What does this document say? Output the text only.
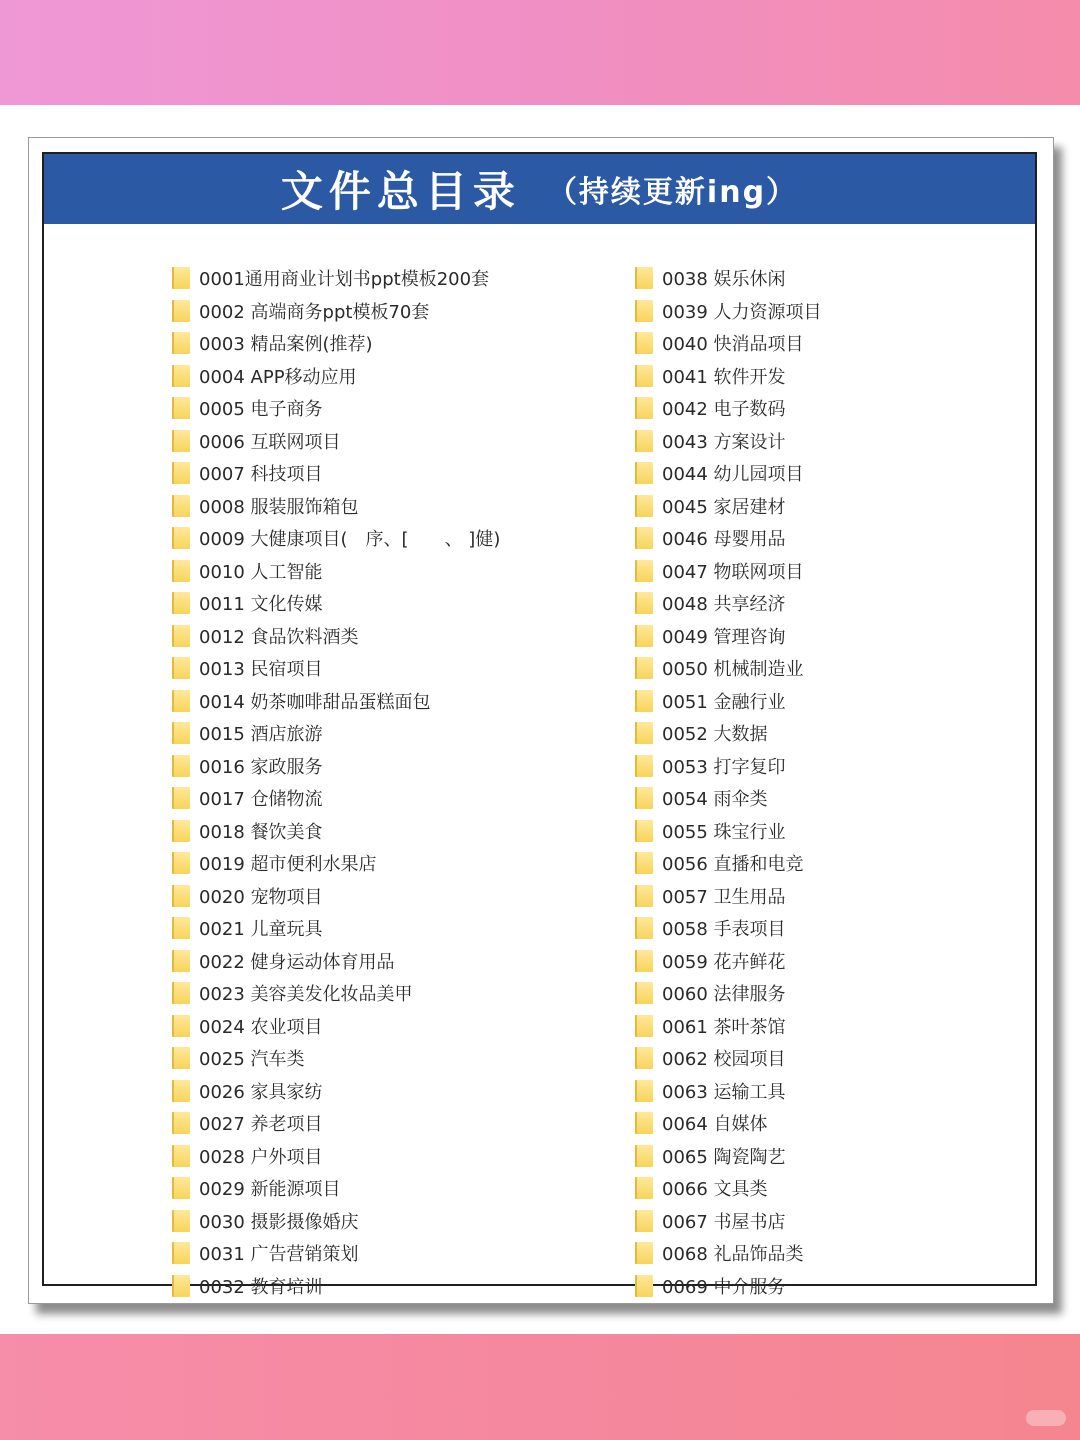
文件总目录 （持续更新ing）
0001通用商业计划书ppt模板200套
0002 高端商务ppt模板70套
0003 精品案例(推荐)
0004 APP移动应用
0005 电子商务
0006 互联网项目
0007 科技项目
0008 服装服饰箱包
0009 大健康项目(　序、[　　、 ]健)
0010 人工智能
0011 文化传媒
0012 食品饮料酒类
0013 民宿项目
0014 奶茶咖啡甜品蛋糕面包
0015 酒店旅游
0016 家政服务
0017 仓储物流
0018 餐饮美食
0019 超市便利水果店
0020 宠物项目
0021 儿童玩具
0022 健身运动体育用品
0023 美容美发化妆品美甲
0024 农业项目
0025 汽车类
0026 家具家纺
0027 养老项目
0028 户外项目
0029 新能源项目
0030 摄影摄像婚庆
0031 广告营销策划
0032 教育培训
0038 娱乐休闲
0039 人力资源项目
0040 快消品项目
0041 软件开发
0042 电子数码
0043 方案设计
0044 幼儿园项目
0045 家居建材
0046 母婴用品
0047 物联网项目
0048 共享经济
0049 管理咨询
0050 机械制造业
0051 金融行业
0052 大数据
0053 打字复印
0054 雨伞类
0055 珠宝行业
0056 直播和电竞
0057 卫生用品
0058 手表项目
0059 花卉鲜花
0060 法律服务
0061 茶叶茶馆
0062 校园项目
0063 运输工具
0064 自媒体
0065 陶瓷陶艺
0066 文具类
0067 书屋书店
0068 礼品饰品类
0069 中介服务
